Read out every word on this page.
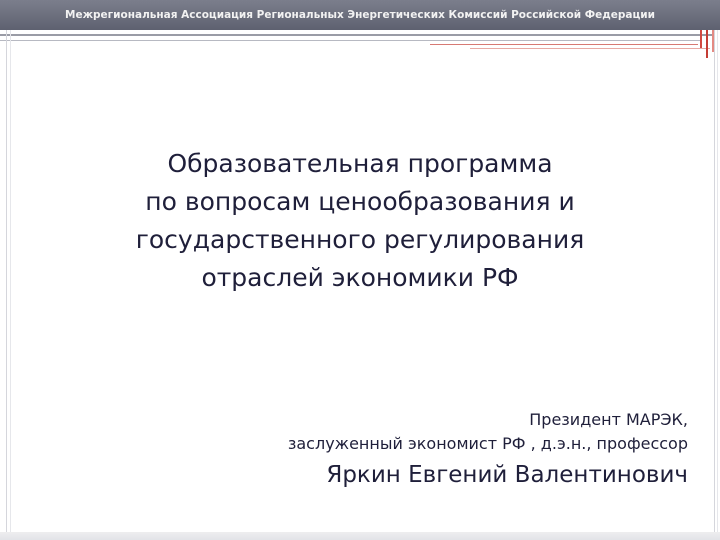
Межрегиональная Ассоциация Региональных Энергетических Комиссий Российской Федерации
Образовательная программа
по вопросам ценообразования и
государственного регулирования
отраслей экономики РФ
Президент МАРЭК,
заслуженный экономист РФ , д.э.н., профессор
Яркин Евгений Валентинович
